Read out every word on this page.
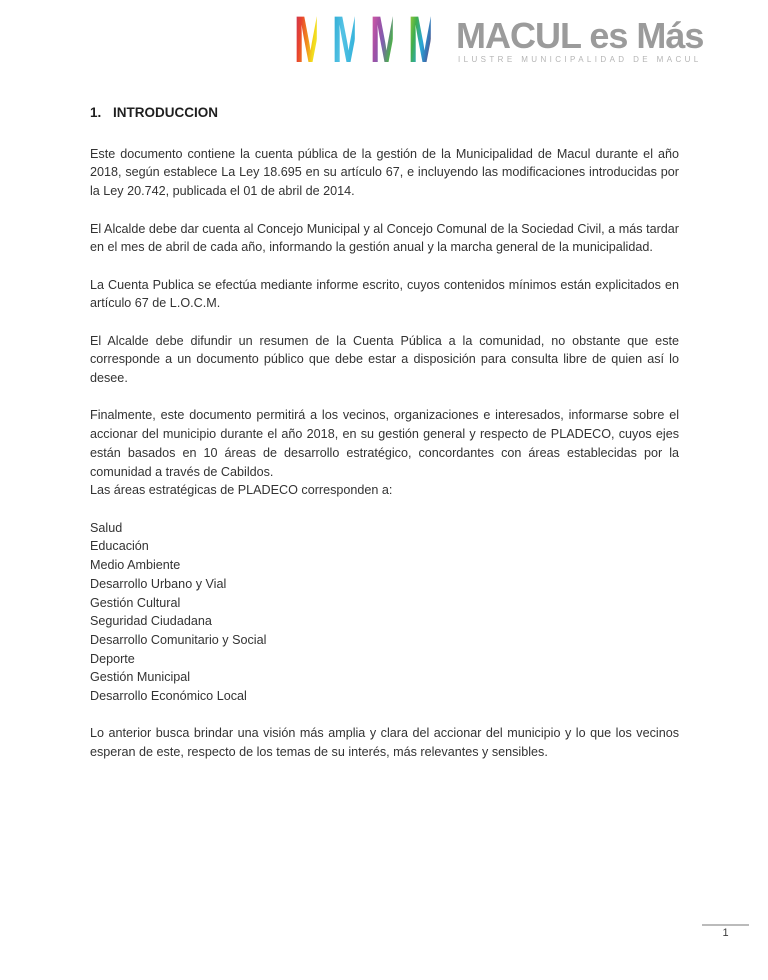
M M M M MACUL es Más
ILUSTRE MUNICIPALIDAD DE MACUL
1. INTRODUCCION

Este documento contiene la cuenta pública de la gestión de la Municipalidad de Macul durante el año 2018, según establece La Ley 18.695 en su artículo 67, e incluyendo las modificaciones introducidas por la Ley 20.742, publicada el 01 de abril de 2014.

El Alcalde debe dar cuenta al Concejo Municipal y al Concejo Comunal de la Sociedad Civil, a más tardar en el mes de abril de cada año, informando la gestión anual y la marcha general de la municipalidad.

La Cuenta Publica se efectúa mediante informe escrito, cuyos contenidos mínimos están explicitados en artículo 67 de L.O.C.M.

El Alcalde debe difundir un resumen de la Cuenta Pública a la comunidad, no obstante que este corresponde a un documento público que debe estar a disposición para consulta libre de quien así lo desee.

Finalmente, este documento permitirá a los vecinos, organizaciones e interesados, informarse sobre el accionar del municipio durante el año 2018, en su gestión general y respecto de PLADECO, cuyos ejes están basados en 10 áreas de desarrollo estratégico, concordantes con áreas establecidas por la comunidad a través de Cabildos.

Las áreas estratégicas de PLADECO corresponden a:

Salud
Educación
Medio Ambiente
Desarrollo Urbano y Vial
Gestión Cultural
Seguridad Ciudadana
Desarrollo Comunitario y Social
Deporte
Gestión Municipal
Desarrollo Económico Local

Lo anterior busca brindar una visión más amplia y clara del accionar del municipio y lo que los vecinos esperan de este, respecto de los temas de su interés, más relevantes y sensibles.

1
